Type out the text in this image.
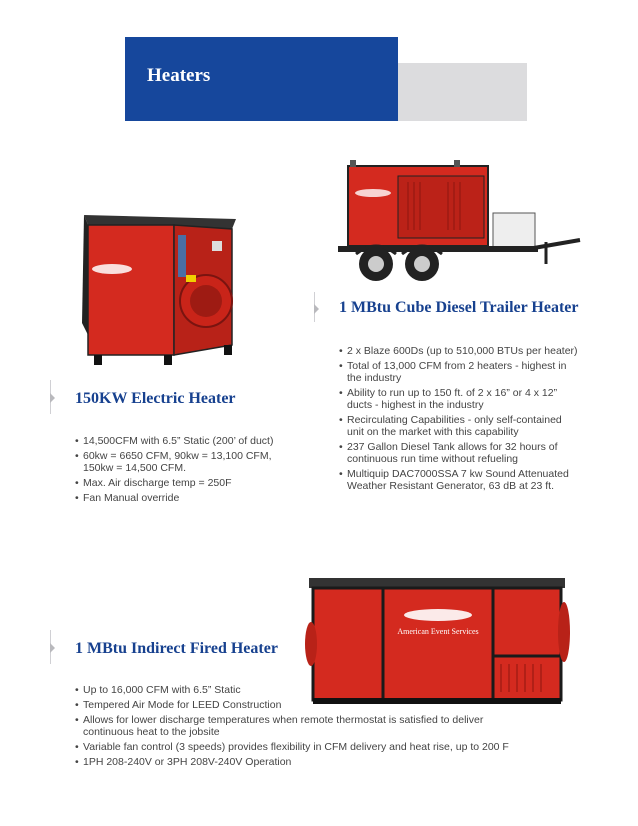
Heaters
1 MBtu Cube Diesel Trailer Heater
• 2 x Blaze 600Ds (up to 510,000 BTUs per heater)
• Total of 13,000 CFM from 2 heaters - highest in the industry
• Ability to run up to 150 ft. of 2 x 16” or 4 x 12” ducts - highest in the industry
• Recirculating Capabilities - only self-contained unit on the market with this capability
• 237 Gallon Diesel Tank allows for 32 hours of continuous run time without refueling
• Multiquip DAC7000SSA 7 kw Sound Attenuated Weather Resistant Generator, 63 dB at 23 ft.
150KW Electric Heater
• 14,500CFM with 6.5” Static (200’ of duct)
• 60kw = 6650 CFM, 90kw = 13,100 CFM, 150kw = 14,500 CFM.
• Max. Air discharge temp = 250F
• Fan Manual override
American Event Services
1 MBtu Indirect Fired Heater
• Up to 16,000 CFM with 6.5” Static
• Tempered Air Mode for LEED Construction
• Allows for lower discharge temperatures when remote thermostat is satisfied to deliver continuous heat to the jobsite
• Variable fan control (3 speeds) provides flexibility in CFM delivery and heat rise, up to 200 F
• 1PH 208-240V or 3PH 208V-240V Operation
